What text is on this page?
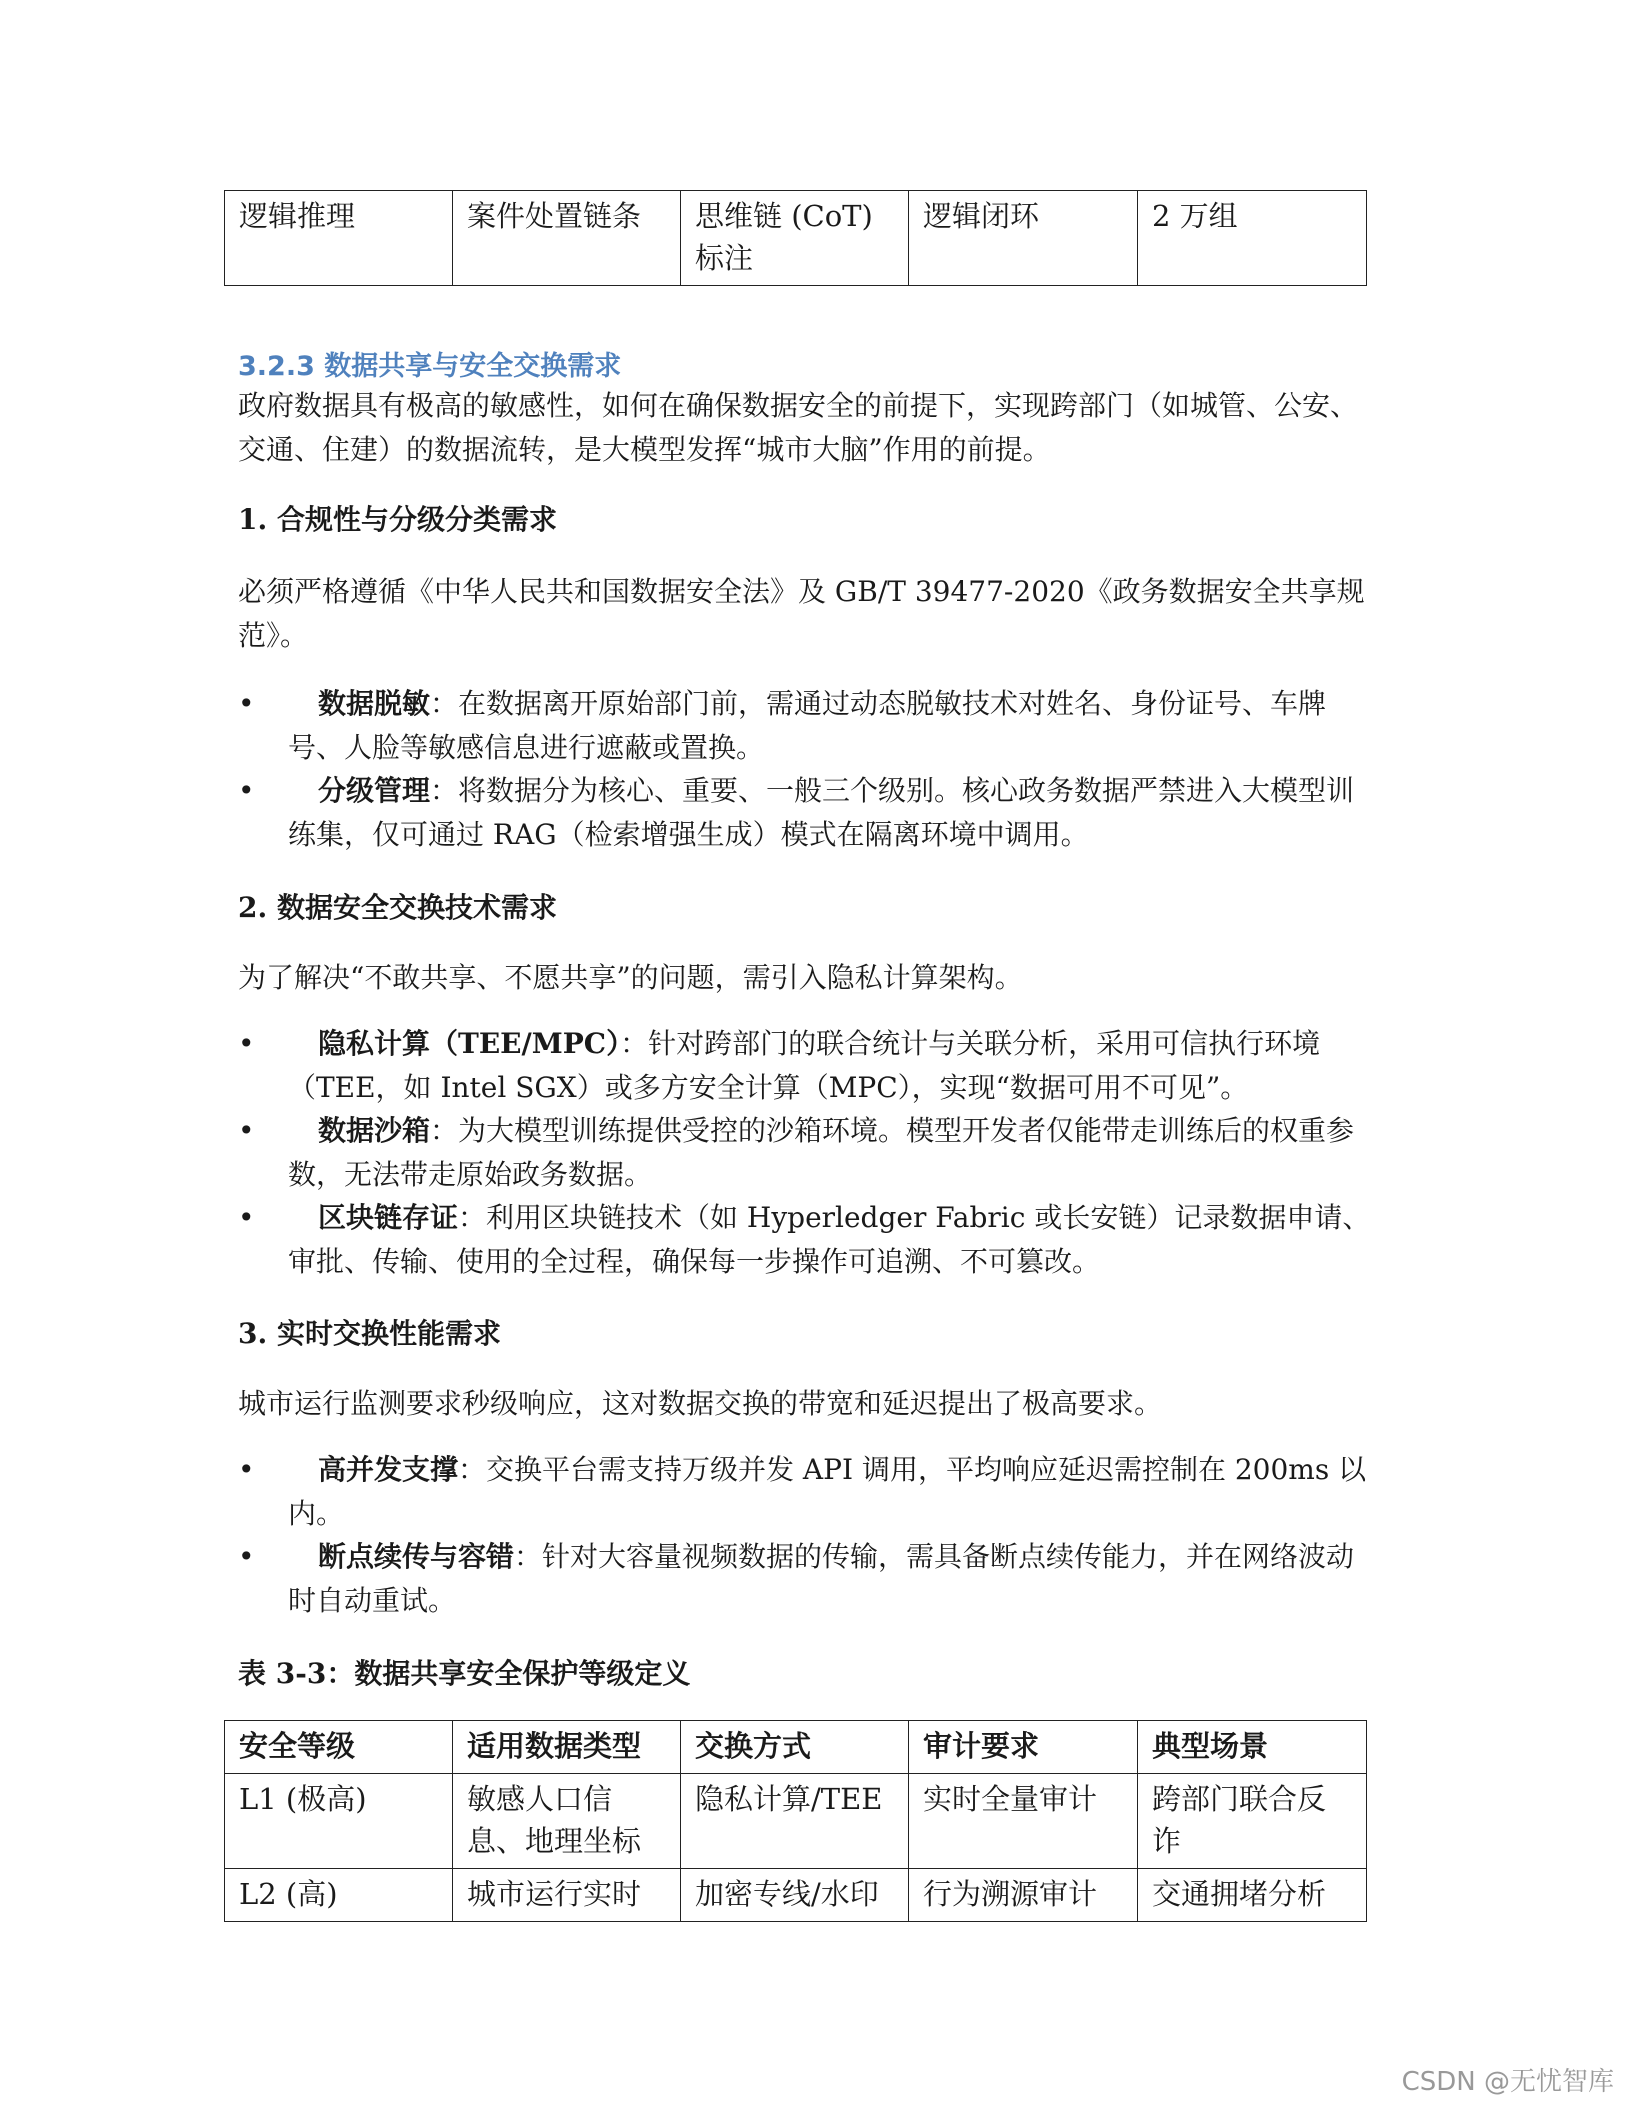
逻辑推理	案件处置链条	思维链 (CoT) 标注	逻辑闭环	2 万组
3.2.3 数据共享与安全交换需求
政府数据具有极高的敏感性，如何在确保数据安全的前提下，实现跨部门（如城管、公安、交通、住建）的数据流转，是大模型发挥“城市大脑”作用的前提。
1. 合规性与分级分类需求
必须严格遵循《中华人民共和国数据安全法》及 GB/T 39477-2020《政务数据安全共享规范》。
•	数据脱敏：在数据离开原始部门前，需通过动态脱敏技术对姓名、身份证号、车牌号、人脸等敏感信息进行遮蔽或置换。
•	分级管理：将数据分为核心、重要、一般三个级别。核心政务数据严禁进入大模型训练集，仅可通过 RAG（检索增强生成）模式在隔离环境中调用。
2. 数据安全交换技术需求
为了解决“不敢共享、不愿共享”的问题，需引入隐私计算架构。
•	隐私计算（TEE/MPC）：针对跨部门的联合统计与关联分析，采用可信执行环境（TEE，如 Intel SGX）或多方安全计算（MPC），实现“数据可用不可见”。
•	数据沙箱：为大模型训练提供受控的沙箱环境。模型开发者仅能带走训练后的权重参数，无法带走原始政务数据。
•	区块链存证：利用区块链技术（如 Hyperledger Fabric 或长安链）记录数据申请、审批、传输、使用的全过程，确保每一步操作可追溯、不可篡改。
3. 实时交换性能需求
城市运行监测要求秒级响应，这对数据交换的带宽和延迟提出了极高要求。
•	高并发支撑：交换平台需支持万级并发 API 调用，平均响应延迟需控制在 200ms 以内。
•	断点续传与容错：针对大容量视频数据的传输，需具备断点续传能力，并在网络波动时自动重试。
表 3-3：数据共享安全保护等级定义
安全等级	适用数据类型	交换方式	审计要求	典型场景
L1 (极高)	敏感人口信息、地理坐标	隐私计算/TEE	实时全量审计	跨部门联合反诈
L2 (高)	城市运行实时	加密专线/水印	行为溯源审计	交通拥堵分析
CSDN @无忧智库
